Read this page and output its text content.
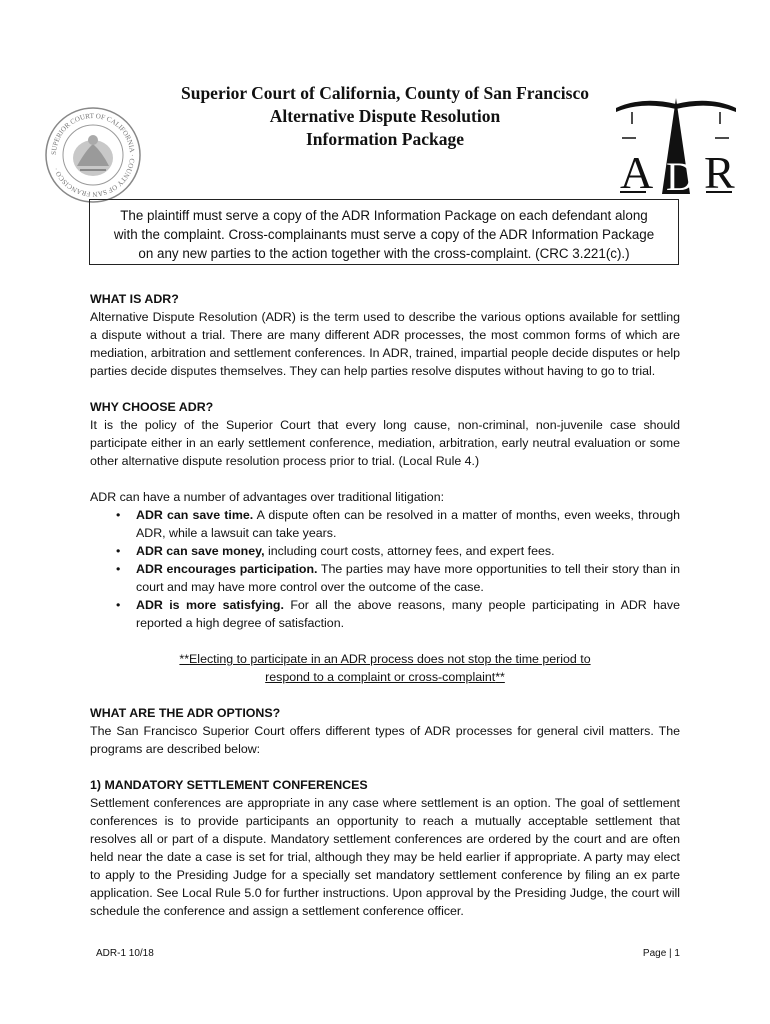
SUPERIOR COURT OF CALIFORNIA · COUNTY OF SAN FRANCISCO ·
Superior Court of California, County of San Francisco
Alternative Dispute Resolution
Information Package
A D R
The plaintiff must serve a copy of the ADR Information Package on each defendant along
with the complaint. Cross-complainants must serve a copy of the ADR Information Package
on any new parties to the action together with the cross-complaint. (CRC 3.221(c).)
WHAT IS ADR?

Alternative Dispute Resolution (ADR) is the term used to describe the various options available for settling a dispute without a trial. There are many different ADR processes, the most common forms of which are mediation, arbitration and settlement conferences. In ADR, trained, impartial people decide disputes or help parties decide disputes themselves. They can help parties resolve disputes without having to go to trial.

WHY CHOOSE ADR?

It is the policy of the Superior Court that every long cause, non-criminal, non-juvenile case should participate either in an early settlement conference, mediation, arbitration, early neutral evaluation or some other alternative dispute resolution process prior to trial. (Local Rule 4.)

ADR can have a number of advantages over traditional litigation:

• ADR can save time. A dispute often can be resolved in a matter of months, even weeks, through ADR, while a lawsuit can take years.
• ADR can save money, including court costs, attorney fees, and expert fees.
• ADR encourages participation. The parties may have more opportunities to tell their story than in court and may have more control over the outcome of the case.
• ADR is more satisfying. For all the above reasons, many people participating in ADR have reported a high degree of satisfaction.
**Electing to participate in an ADR process does not stop the time period to
respond to a complaint or cross-complaint**
WHAT ARE THE ADR OPTIONS?

The San Francisco Superior Court offers different types of ADR processes for general civil matters. The programs are described below:

1) MANDATORY SETTLEMENT CONFERENCES

Settlement conferences are appropriate in any case where settlement is an option. The goal of settlement conferences is to provide participants an opportunity to reach a mutually acceptable settlement that resolves all or part of a dispute. Mandatory settlement conferences are ordered by the court and are often held near the date a case is set for trial, although they may be held earlier if appropriate. A party may elect to apply to the Presiding Judge for a specially set mandatory settlement conference by filing an ex parte application. See Local Rule 5.0 for further instructions. Upon approval by the Presiding Judge, the court will schedule the conference and assign a settlement conference officer.

ADR-1 10/18	Page | 1
